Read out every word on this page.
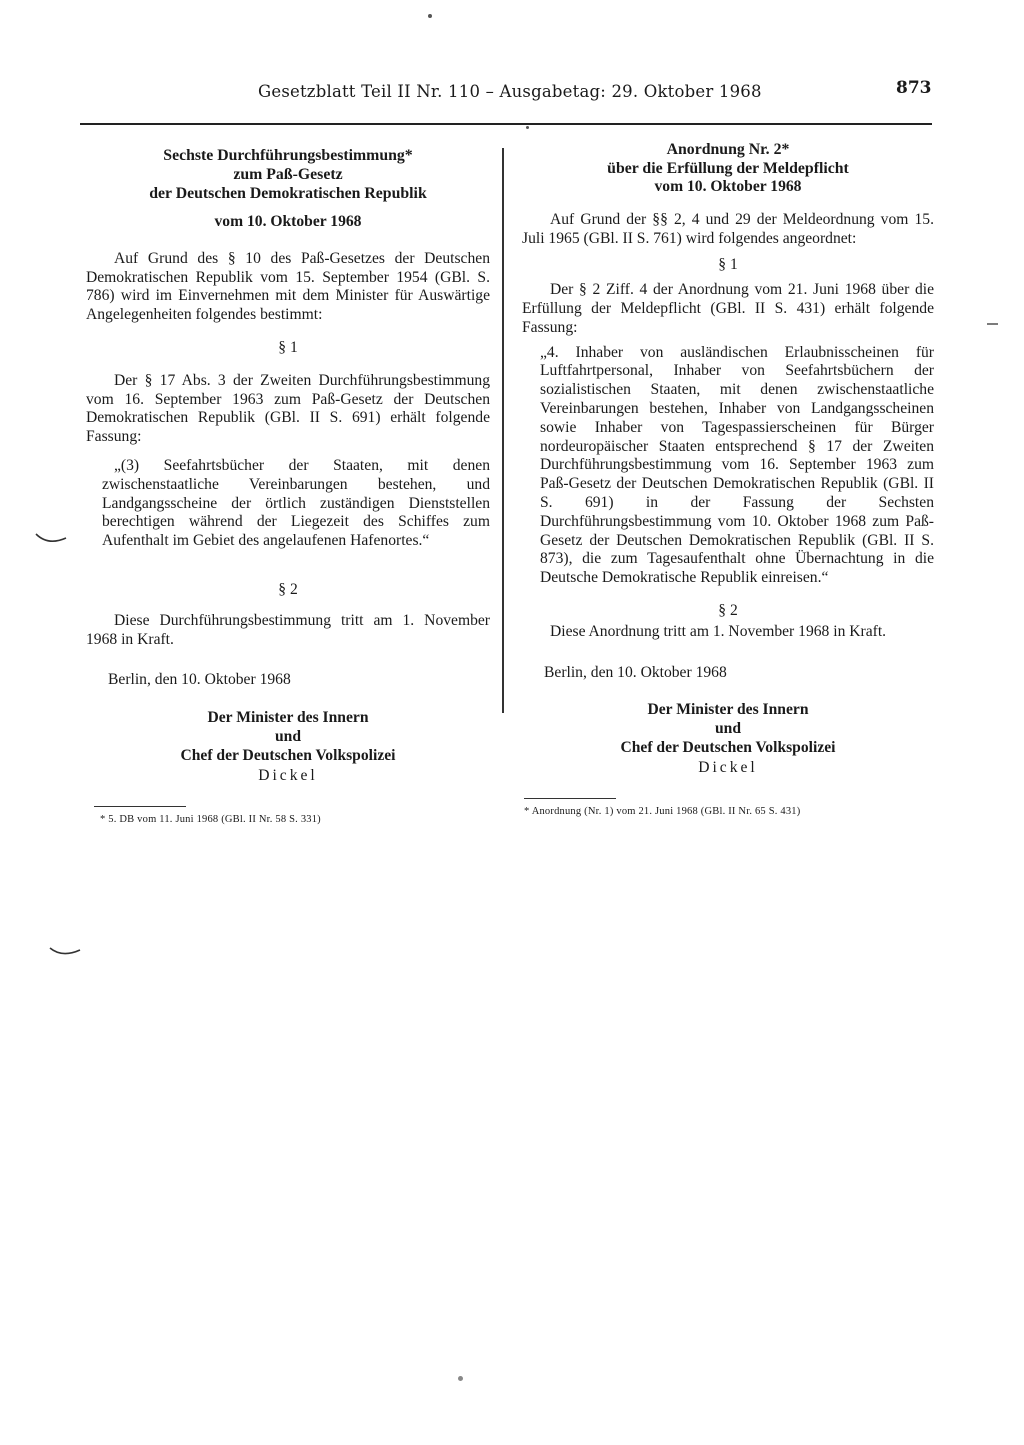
Gesetzblatt Teil II Nr. 110 – Ausgabetag: 29. Oktober 1968	873
Sechste Durchführungsbestimmung*
zum Paß-Gesetz
der Deutschen Demokratischen Republik
vom 10. Oktober 1968

Auf Grund des § 10 des Paß-Gesetzes der Deutschen Demokratischen Republik vom 15. September 1954 (GBl. S. 786) wird im Einvernehmen mit dem Minister für Auswärtige Angelegenheiten folgendes bestimmt:

§ 1

Der § 17 Abs. 3 der Zweiten Durchführungsbestimmung vom 16. September 1963 zum Paß-Gesetz der Deutschen Demokratischen Republik (GBl. II S. 691) erhält folgende Fassung:

„(3) Seefahrtsbücher der Staaten, mit denen zwischenstaatliche Vereinbarungen bestehen, und Landgangsscheine der örtlich zuständigen Dienststellen berechtigen während der Liegezeit des Schiffes zum Aufenthalt im Gebiet des angelaufenen Hafenortes.“

§ 2

Diese Durchführungsbestimmung tritt am 1. November 1968 in Kraft.

Berlin, den 10. Oktober 1968
Der Minister des Innern
und
Chef der Deutschen Volkspolizei
Dickel
* 5. DB vom 11. Juni 1968 (GBl. II Nr. 58 S. 331)
Anordnung Nr. 2*
über die Erfüllung der Meldepflicht
vom 10. Oktober 1968

Auf Grund der §§ 2, 4 und 29 der Meldeordnung vom 15. Juli 1965 (GBl. II S. 761) wird folgendes angeordnet:

§ 1

Der § 2 Ziff. 4 der Anordnung vom 21. Juni 1968 über die Erfüllung der Meldepflicht (GBl. II S. 431) erhält folgende Fassung:

„4. Inhaber von ausländischen Erlaubnisscheinen für Luftfahrtpersonal, Inhaber von Seefahrtsbüchern der sozialistischen Staaten, mit denen zwischenstaatliche Vereinbarungen bestehen, Inhaber von Landgangsscheinen sowie Inhaber von Tagespassierscheinen für Bürger nordeuropäischer Staaten entsprechend § 17 der Zweiten Durchführungsbestimmung vom 16. September 1963 zum Paß-Gesetz der Deutschen Demokratischen Republik (GBl. II S. 691) in der Fassung der Sechsten Durchführungsbestimmung vom 10. Oktober 1968 zum Paß-Gesetz der Deutschen Demokratischen Republik (GBl. II S. 873), die zum Tagesaufenthalt ohne Übernachtung in die Deutsche Demokratische Republik einreisen.“

§ 2

Diese Anordnung tritt am 1. November 1968 in Kraft.

Berlin, den 10. Oktober 1968
Der Minister des Innern
und
Chef der Deutschen Volkspolizei
Dickel
* Anordnung (Nr. 1) vom 21. Juni 1968 (GBl. II Nr. 65 S. 431)
